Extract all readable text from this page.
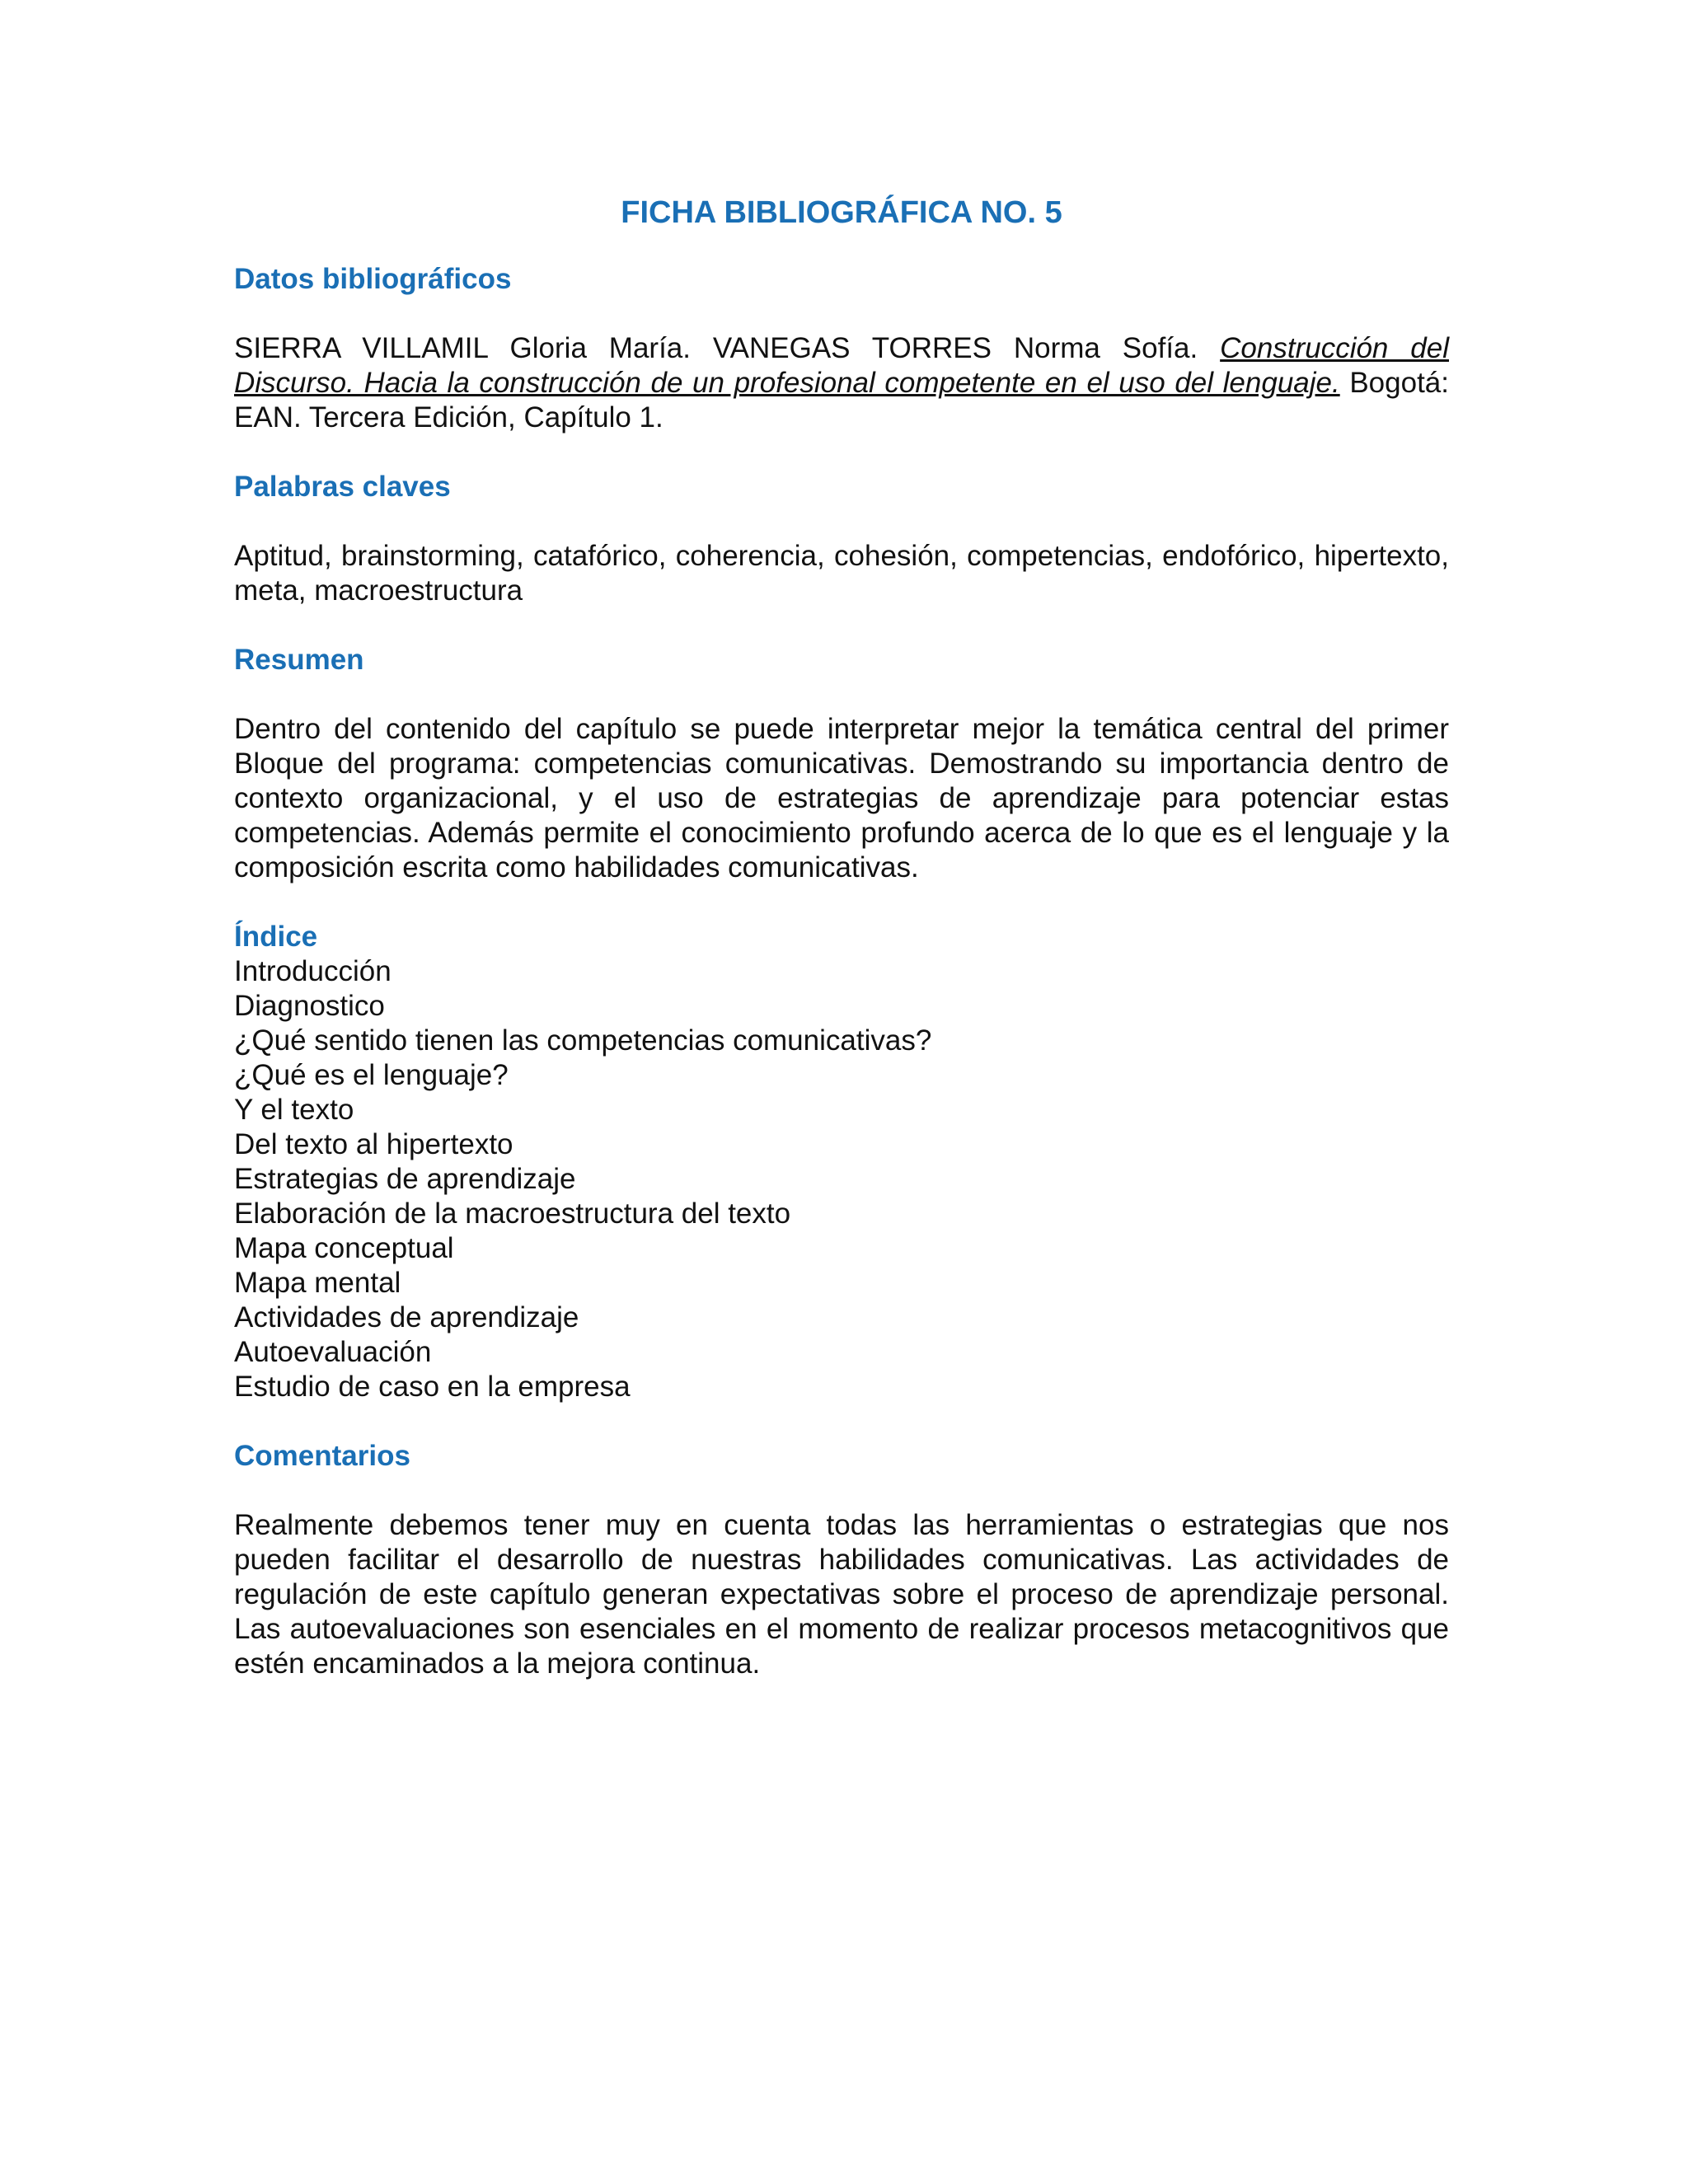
FICHA BIBLIOGRÁFICA NO. 5
Datos bibliográficos

SIERRA VILLAMIL Gloria María. VANEGAS TORRES Norma Sofía. Construcción del Discurso. Hacia la construcción de un profesional competente en el uso del lenguaje. Bogotá: EAN. Tercera Edición, Capítulo 1.

Palabras claves

Aptitud, brainstorming, catafórico, coherencia, cohesión, competencias, endofórico, hipertexto, meta, macroestructura

Resumen

Dentro del contenido del capítulo se puede interpretar mejor la temática central del primer Bloque del programa: competencias comunicativas. Demostrando su importancia dentro de contexto organizacional, y el uso de estrategias de aprendizaje para potenciar estas competencias. Además permite el conocimiento profundo acerca de lo que es el lenguaje y la composición escrita como habilidades comunicativas.

Índice
Introducción
Diagnostico
¿Qué sentido tienen las competencias comunicativas?
¿Qué es el lenguaje?
Y el texto
Del texto al hipertexto
Estrategias de aprendizaje
Elaboración de la macroestructura del texto
Mapa conceptual
Mapa mental
Actividades de aprendizaje
Autoevaluación
Estudio de caso en la empresa
Comentarios

Realmente debemos tener muy en cuenta todas las herramientas o estrategias que nos pueden facilitar el desarrollo de nuestras habilidades comunicativas. Las actividades de regulación de este capítulo generan expectativas sobre el proceso de aprendizaje personal. Las autoevaluaciones son esenciales en el momento de realizar procesos metacognitivos que estén encaminados a la mejora continua.
